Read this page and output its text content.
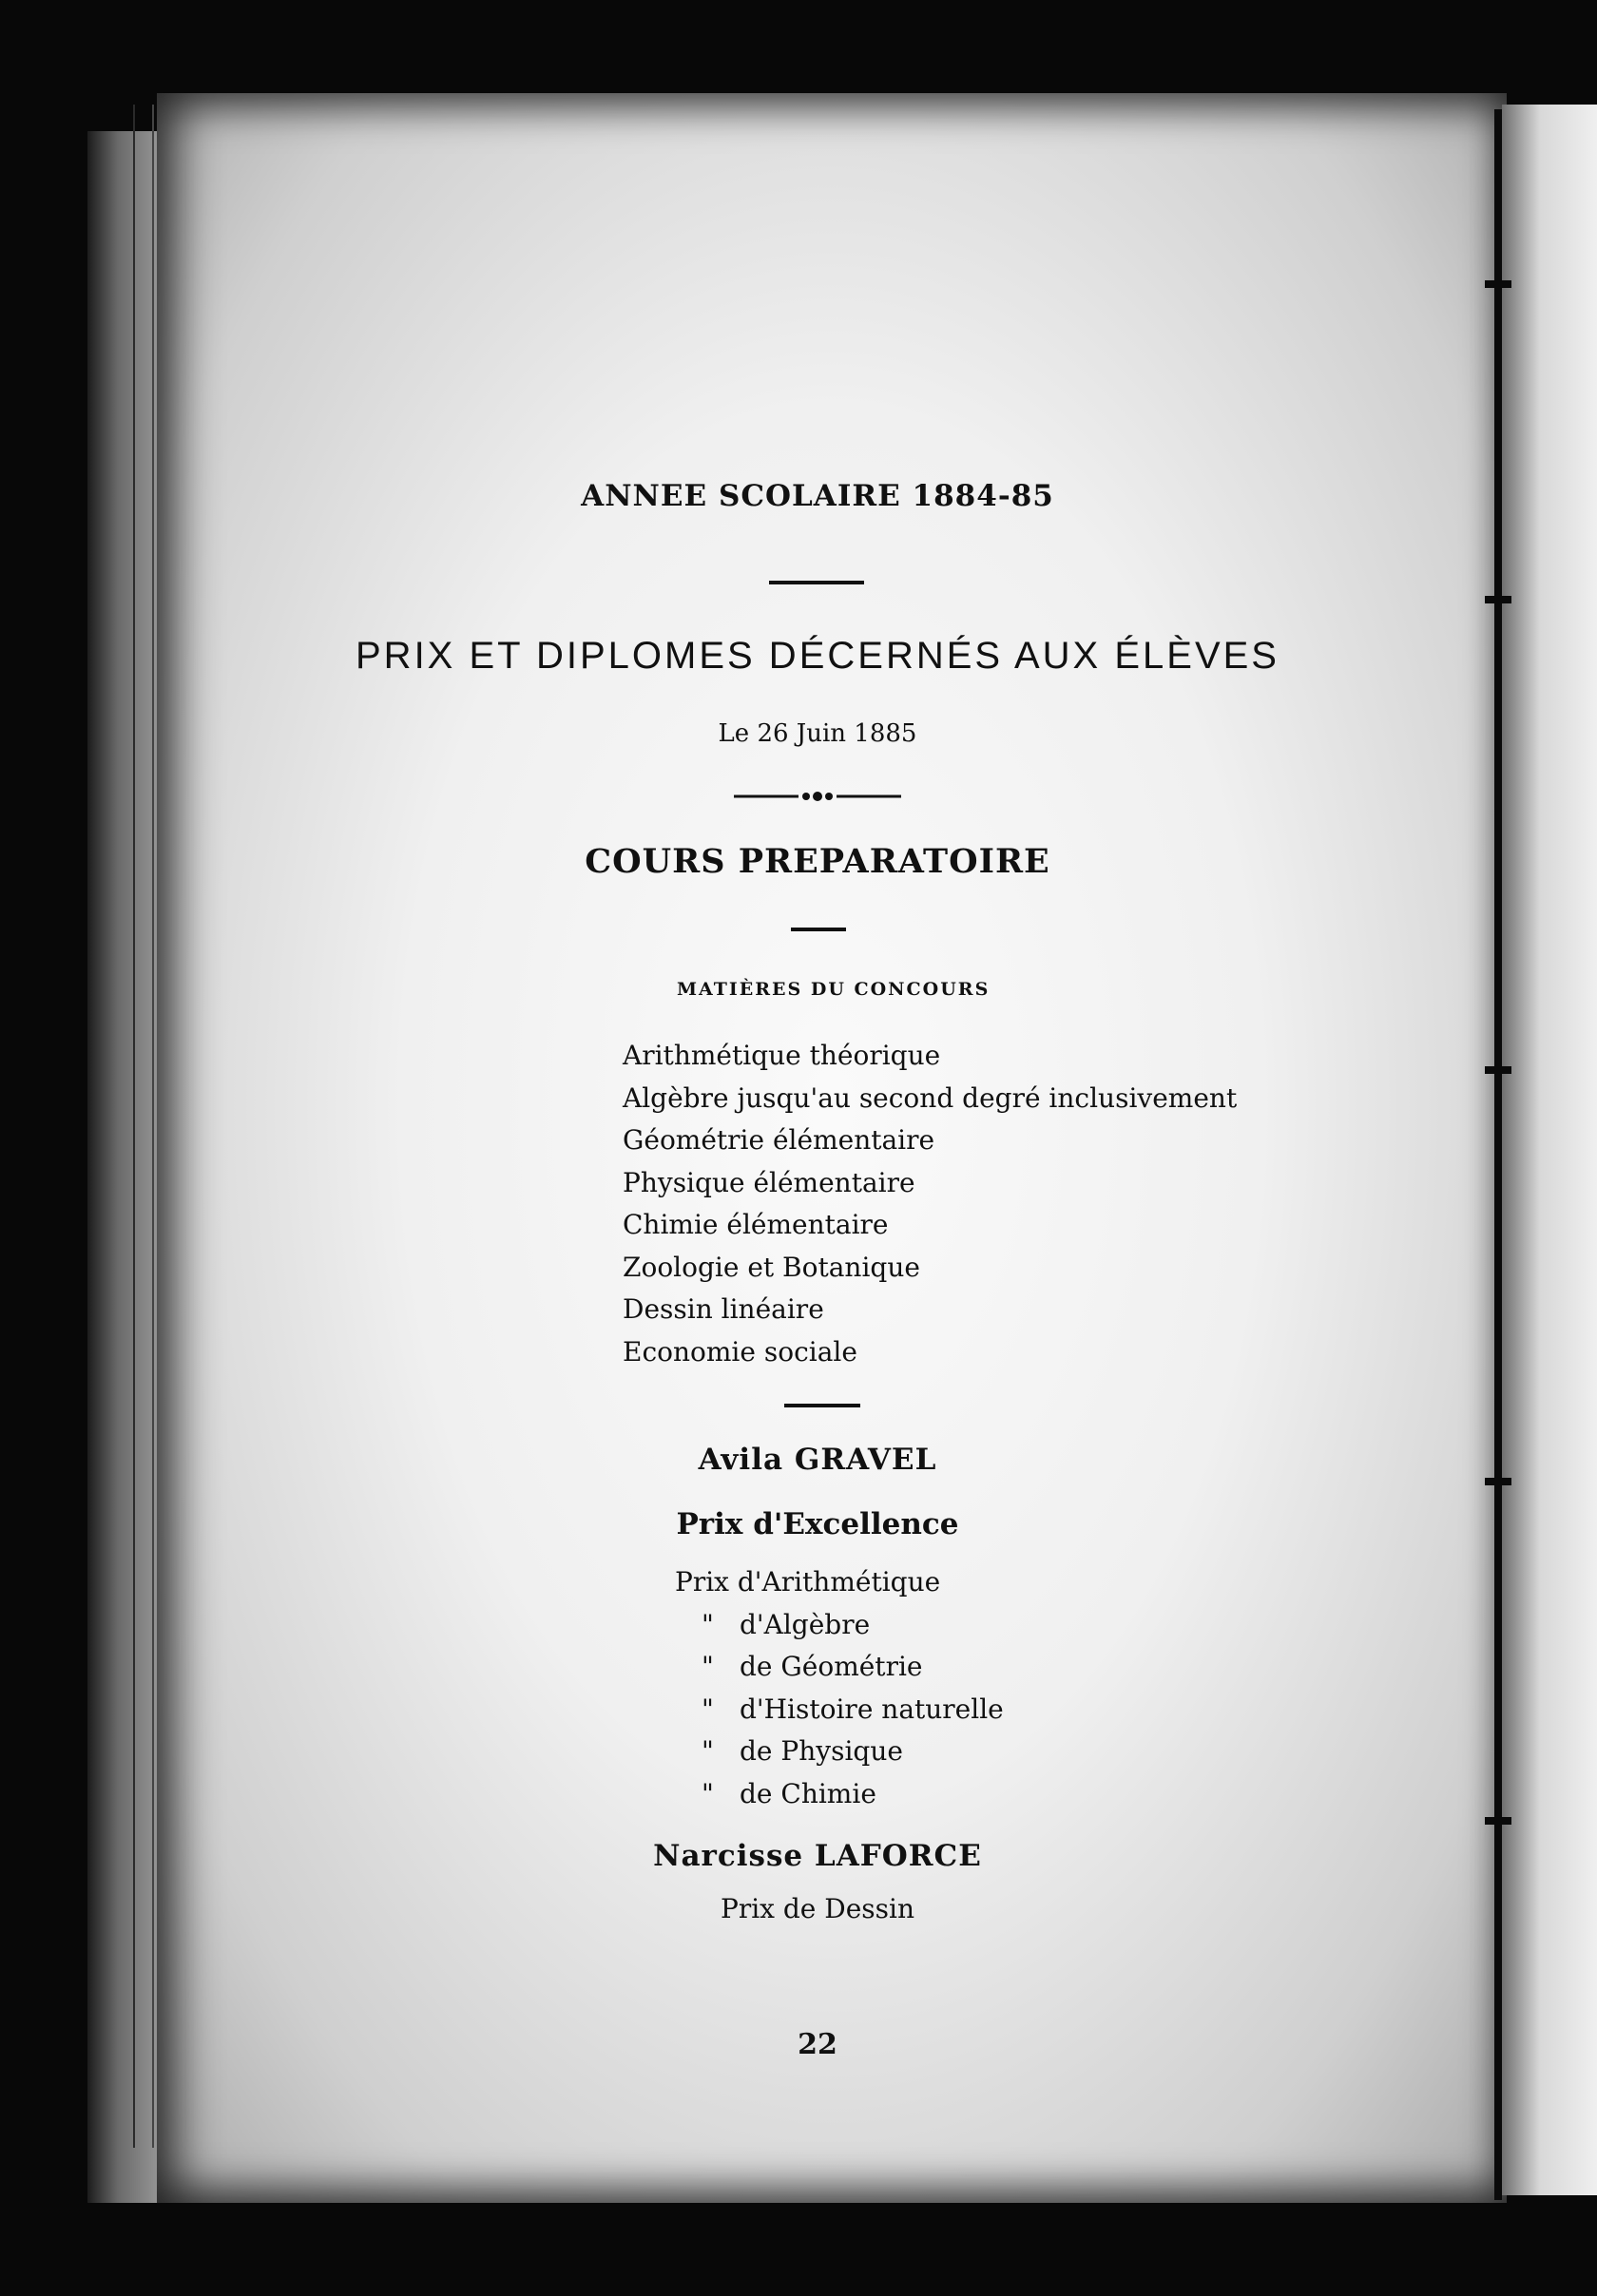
ANNEE SCOLAIRE 1884-85
PRIX ET DIPLOMES DÉCERNÉS AUX ÉLÈVES
Le 26 Juin 1885
COURS PREPARATOIRE
MATIÈRES DU CONCOURS
Arithmétique théorique
Algèbre jusqu'au second degré inclusivement
Géométrie élémentaire
Physique élémentaire
Chimie élémentaire
Zoologie et Botanique
Dessin linéaire
Economie sociale
Avila GRAVEL
Prix d'Excellence
Prix d'Arithmétique
" d'Algèbre
" de Géométrie
" d'Histoire naturelle
" de Physique
" de Chimie
Narcisse LAFORCE
Prix de Dessin
22
